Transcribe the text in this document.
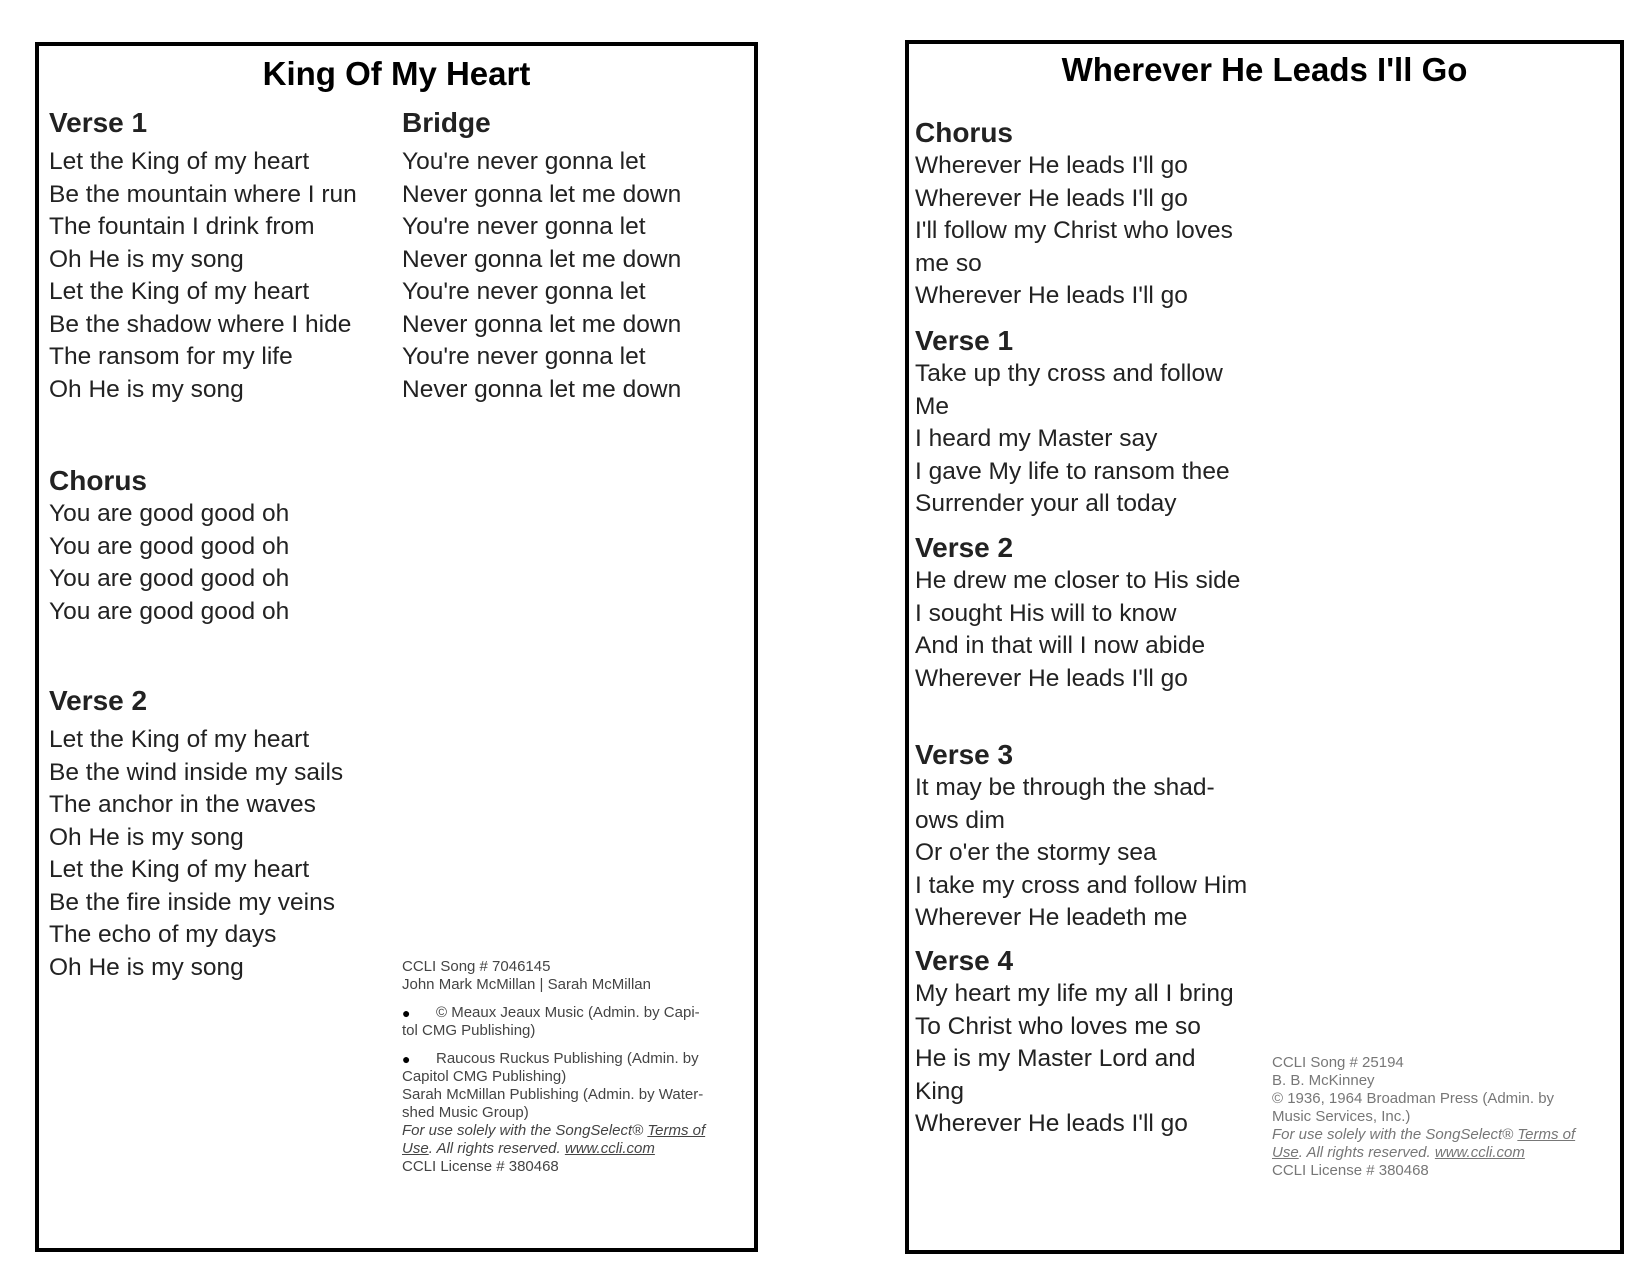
King Of My Heart

Verse 1

Let the King of my heart
Be the mountain where I run
The fountain I drink from
Oh He is my song
Let the King of my heart
Be the shadow where I hide
The ransom for my life
Oh He is my song

Bridge

You're never gonna let
Never gonna let me down
You're never gonna let
Never gonna let me down
You're never gonna let
Never gonna let me down
You're never gonna let
Never gonna let me down

Chorus

You are good good oh
You are good good oh
You are good good oh
You are good good oh

Verse 2

Let the King of my heart
Be the wind inside my sails
The anchor in the waves
Oh He is my song
Let the King of my heart
Be the fire inside my veins
The echo of my days
Oh He is my song	CCLI Song # 7046145

John Mark McMillan | Sarah McMillan

● © Meaux Jeaux Music (Admin. by Capi-
tol CMG Publishing)
● Raucous Ruckus Publishing (Admin. by
Capitol CMG Publishing)

Sarah McMillan Publishing (Admin. by Water-

shed Music Group)

For use solely with the SongSelect® Terms of

Use. All rights reserved. www.ccli.com

CCLI License # 380468

Wherever He Leads I'll Go

Chorus

Wherever He leads I'll go
Wherever He leads I'll go
I'll follow my Christ who loves
me so
Wherever He leads I'll go

Verse 1

Take up thy cross and follow
Me
I heard my Master say
I gave My life to ransom thee
Surrender your all today

Verse 2

He drew me closer to His side
I sought His will to know
And in that will I now abide
Wherever He leads I'll go

Verse 3

It may be through the shad-
ows dim
Or o'er the stormy sea
I take my cross and follow Him
Wherever He leadeth me

Verse 4

My heart my life my all I bring
To Christ who loves me so
He is my Master Lord and
King
Wherever He leads I'll go

CCLI Song # 25194

B. B. McKinney

© 1936, 1964 Broadman Press (Admin. by

Music Services, Inc.)

For use solely with the SongSelect® Terms of

Use. All rights reserved. www.ccli.com

CCLI License # 380468
